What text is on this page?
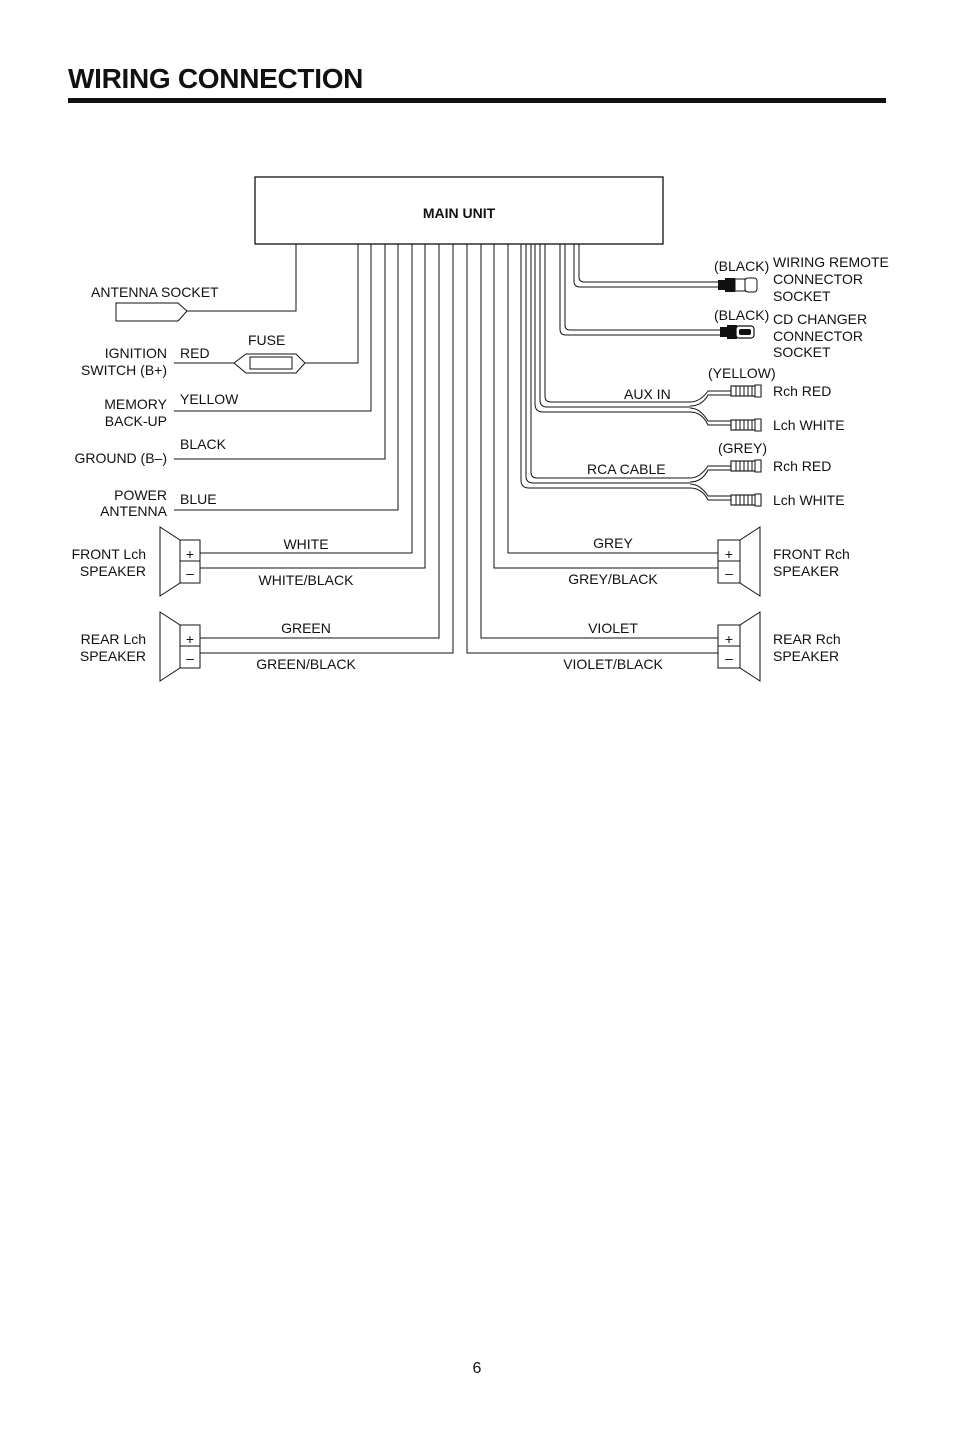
WIRING CONNECTION
MAIN UNIT
ANTENNA SOCKET
FUSE
RED
IGNITION
SWITCH (B+)
YELLOW
MEMORY
BACK-UP
BLACK
GROUND (B–)
BLUE
POWER
ANTENNA
+
–
WHITE
WHITE/BLACK
FRONT Lch
SPEAKER
+
–
GREEN
GREEN/BLACK
REAR Lch
SPEAKER
+
–
VIOLET
VIOLET/BLACK
REAR Rch
SPEAKER
+
–
GREY
GREY/BLACK
FRONT Rch
SPEAKER
(GREY)
RCA CABLE	Rch RED
Lch WHITE
(YELLOW)
AUX IN	Rch RED
Lch WHITE
(BLACK) CD CHANGER
CONNECTOR
SOCKET
(BLACK) WIRING REMOTE
CONNECTOR
SOCKET
6
